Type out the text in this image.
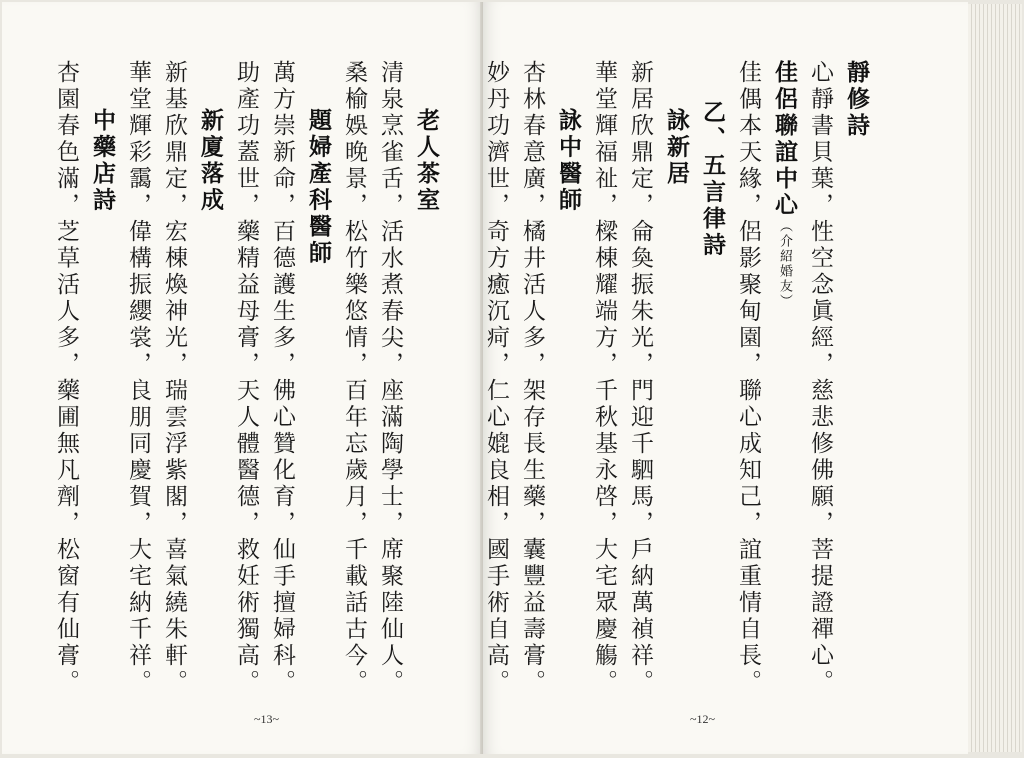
靜修詩
心靜書貝葉，性空念眞經，慈悲修佛願，菩提證禪心。
佳侶聯誼中心（介紹婚友）
佳偶本天緣，侶影聚甸園，聯心成知己，誼重情自長。
乙、五言律詩
詠新居
新居欣鼎定，侖奐振朱光，門迎千駟馬，戶納萬禎祥。
華堂輝福祉，樑棟耀端方，千秋基永啓，大宅眾慶觴。
詠中醫師
杏林春意廣，橘井活人多，架存長生藥，囊豐益壽膏。
妙丹功濟世，奇方癒沉疴，仁心媲良相，國手術自高。
老人茶室
清泉烹雀舌，活水煮春尖，座滿陶學士，席聚陸仙人。
桑榆娛晚景，松竹樂悠情，百年忘歲月，千載話古今。
題婦產科醫師
萬方崇新命，百德護生多，佛心贊化育，仙手擅婦科。
助產功蓋世，藥精益母膏，天人體醫德，救妊術獨高。
新廈落成
新基欣鼎定，宏棟煥神光，瑞雲浮紫閣，喜氣繞朱軒。
華堂輝彩靄，偉構振纓裳，良朋同慶賀，大宅納千祥。
中藥店詩
杏園春色滿，芝草活人多，藥圃無凡劑，松窗有仙膏。
~13~	~12~
